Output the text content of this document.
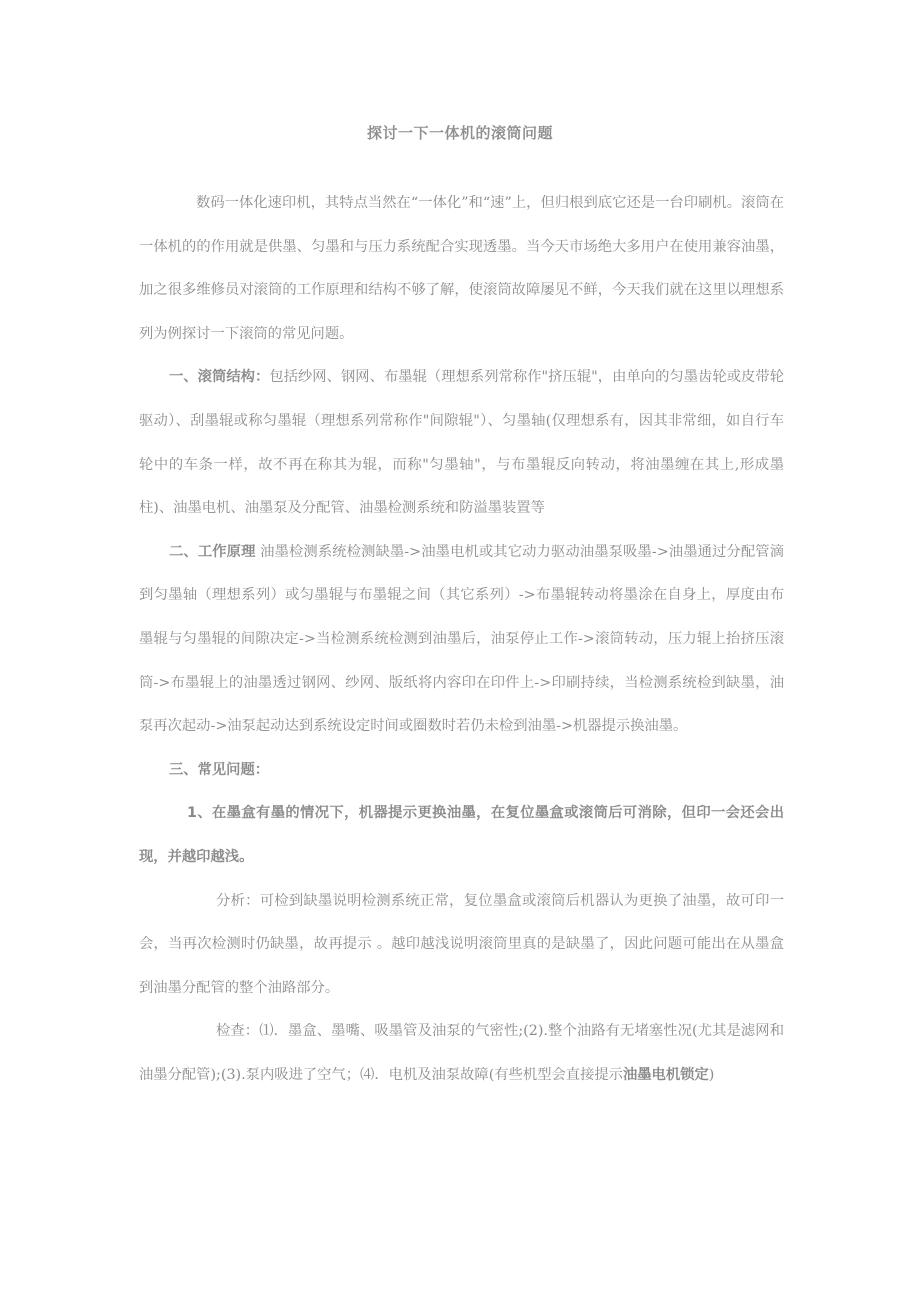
探讨一下一体机的滚筒问题

数码一体化速印机，其特点当然在“一体化”和“速”上，但归根到底它还是一台印刷机。滚筒在一体机的的作用就是供墨、匀墨和与压力系统配合实现透墨。当今天市场绝大多用户在使用兼容油墨，加之很多维修员对滚筒的工作原理和结构不够了解，使滚筒故障屡见不鲜，今天我们就在这里以理想系列为例探讨一下滚筒的常见问题。

一、滚筒结构：包括纱网、钢网、布墨辊（理想系列常称作"挤压辊"，由单向的匀墨齿轮或皮带轮驱动）、刮墨辊或称匀墨辊（理想系列常称作"间隙辊"）、匀墨轴(仅理想系有，因其非常细，如自行车轮中的车条一样，故不再在称其为辊，而称"匀墨轴"，与布墨辊反向转动，将油墨缠在其上,形成墨柱)、油墨电机、油墨泵及分配管、油墨检测系统和防溢墨装置等

二、工作原理 油墨检测系统检测缺墨->油墨电机或其它动力驱动油墨泵吸墨->油墨通过分配管滴到匀墨轴（理想系列）或匀墨辊与布墨辊之间（其它系列）->布墨辊转动将墨涂在自身上，厚度由布墨辊与匀墨辊的间隙决定->当检测系统检测到油墨后，油泵停止工作->滚筒转动，压力辊上抬挤压滚筒->布墨辊上的油墨透过钢网、纱网、版纸将内容印在印件上->印刷持续，当检测系统检到缺墨，油泵再次起动->油泵起动达到系统设定时间或圈数时若仍未检到油墨->机器提示换油墨。

三、常见问题：

1、在墨盒有墨的情况下，机器提示更换油墨，在复位墨盒或滚筒后可消除，但印一会还会出现，并越印越浅。

分析：可检到缺墨说明检测系统正常，复位墨盒或滚筒后机器认为更换了油墨，故可印一会，当再次检测时仍缺墨，故再提示 。越印越浅说明滚筒里真的是缺墨了，因此问题可能出在从墨盒到油墨分配管的整个油路部分。

检查：⑴．墨盒、墨嘴、吸墨管及油泵的气密性;(2).整个油路有无堵塞性况(尤其是滤网和油墨分配管);(3).泵内吸进了空气；⑷．电机及油泵故障(有些机型会直接提示油墨电机锁定)
